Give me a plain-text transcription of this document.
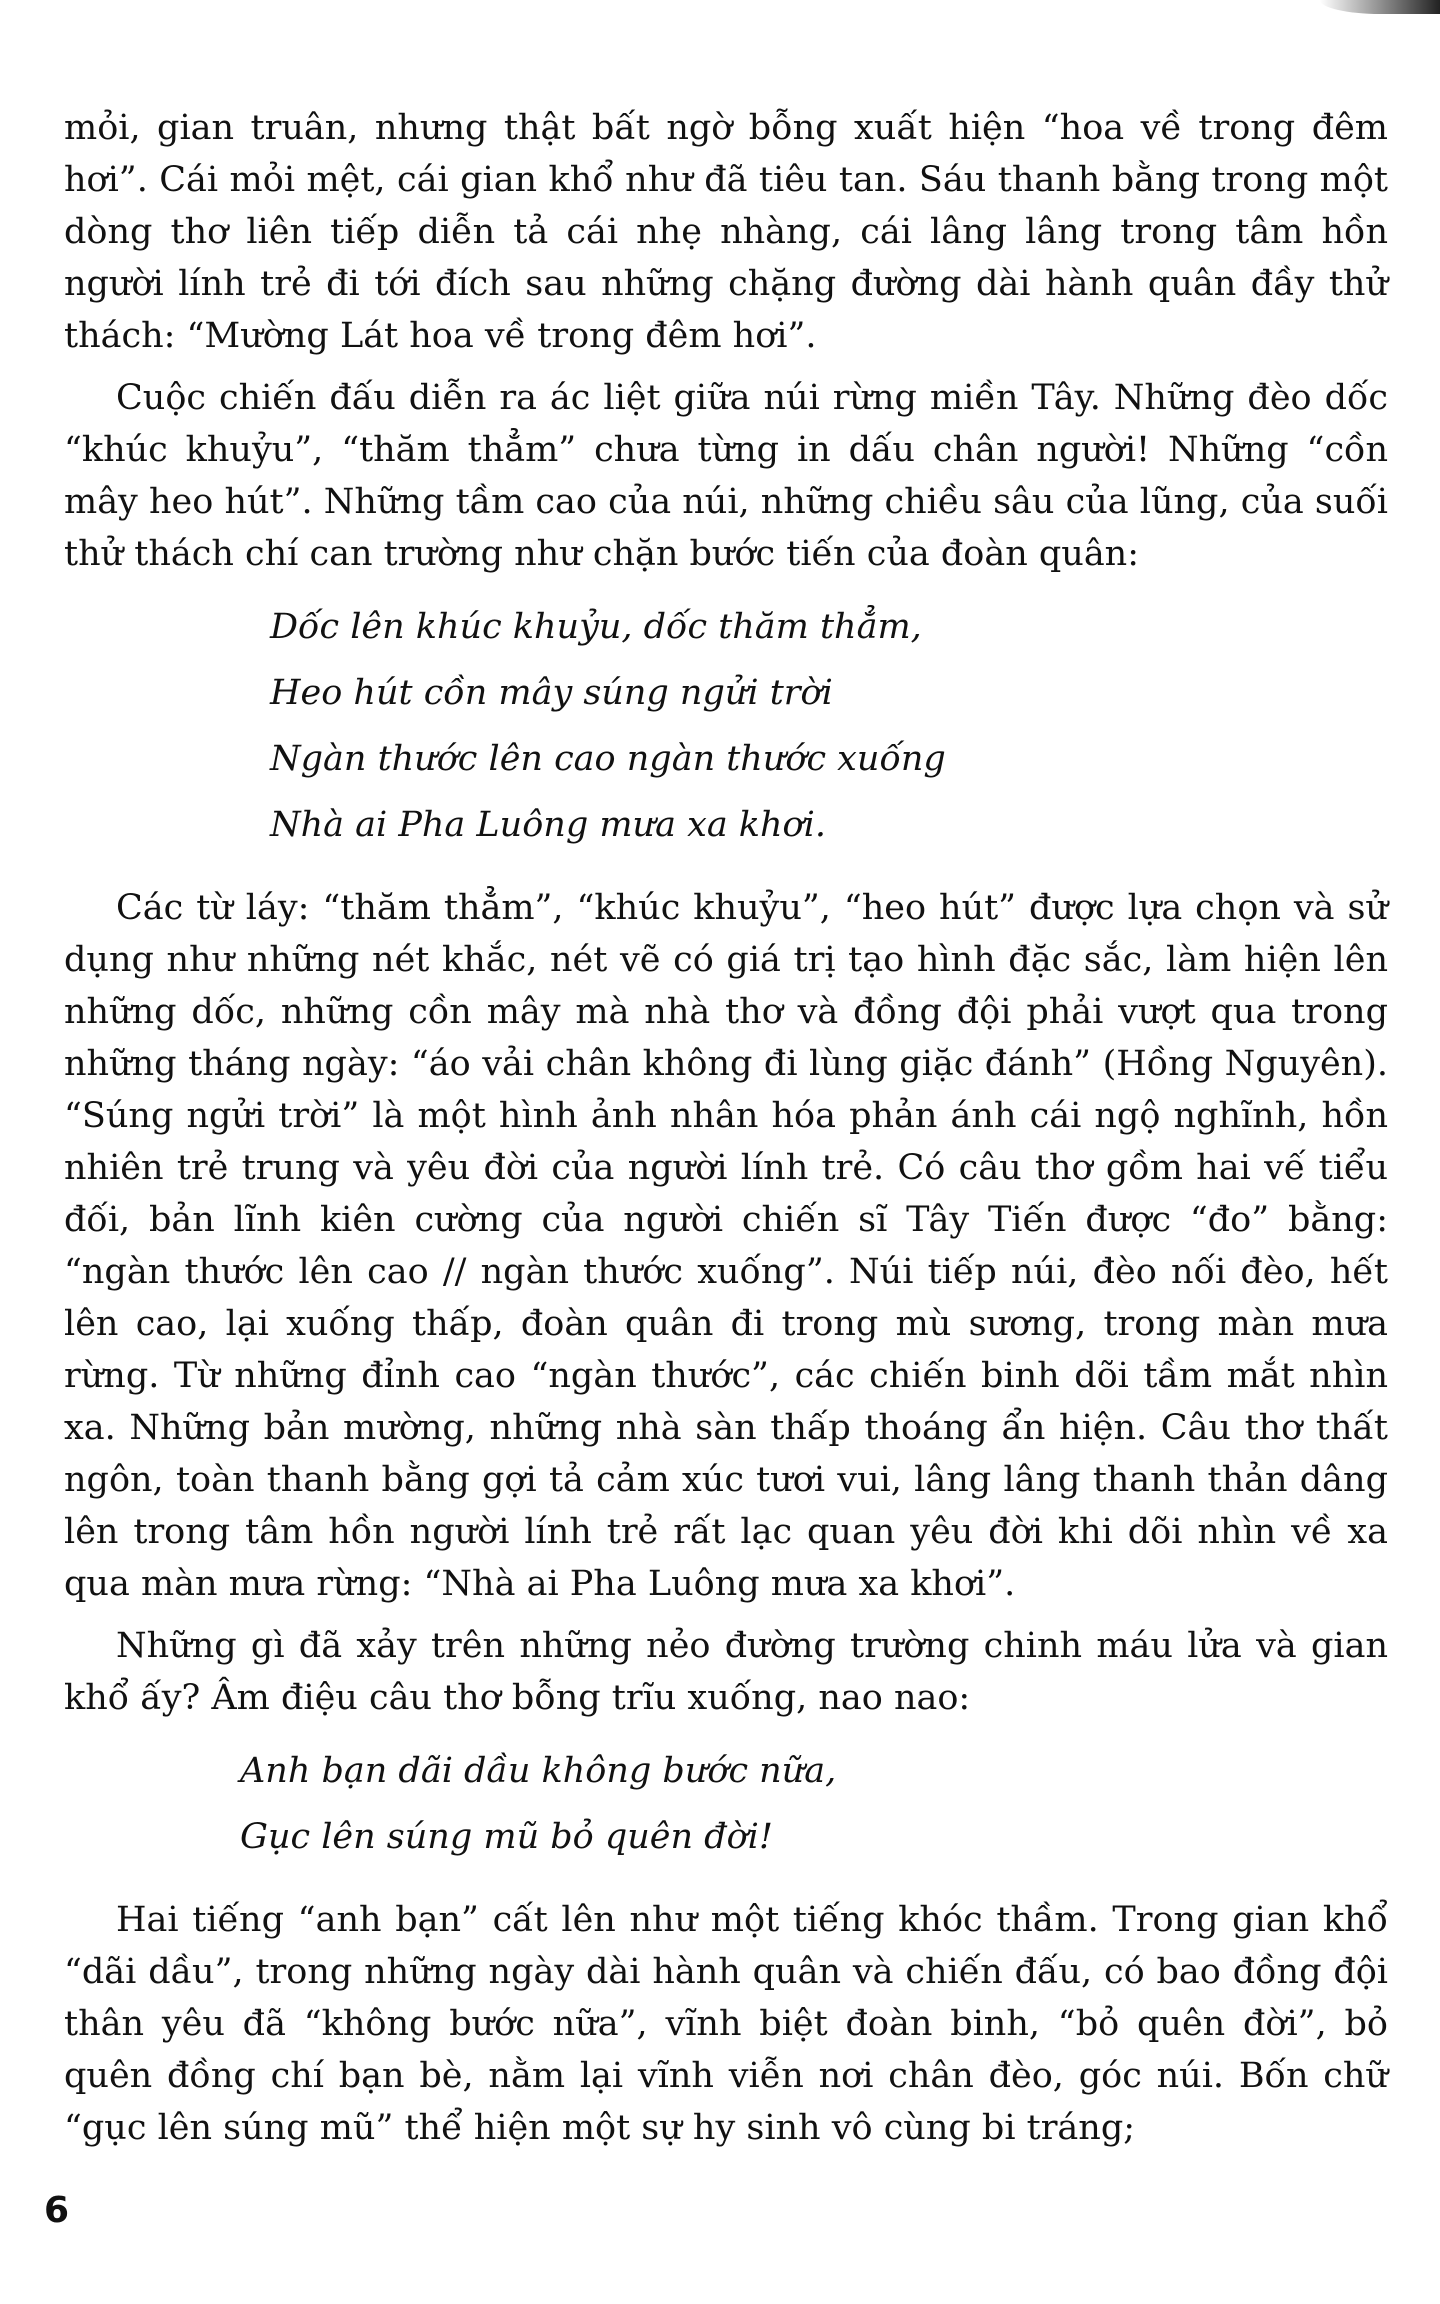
mỏi, gian truân, nhưng thật bất ngờ bỗng xuất hiện “hoa về trong đêm hơi”. Cái mỏi mệt, cái gian khổ như đã tiêu tan. Sáu thanh bằng trong một dòng thơ liên tiếp diễn tả cái nhẹ nhàng, cái lâng lâng trong tâm hồn người lính trẻ đi tới đích sau những chặng đường dài hành quân đầy thử thách: “Mường Lát hoa về trong đêm hơi”.

Cuộc chiến đấu diễn ra ác liệt giữa núi rừng miền Tây. Những đèo dốc “khúc khuỷu”, “thăm thẳm” chưa từng in dấu chân người! Những “cồn mây heo hút”. Những tầm cao của núi, những chiều sâu của lũng, của suối thử thách chí can trường như chặn bước tiến của đoàn quân:

Dốc lên khúc khuỷu, dốc thăm thẳm,
Heo hút cồn mây súng ngửi trời
Ngàn thước lên cao ngàn thước xuống
Nhà ai Pha Luông mưa xa khơi.

Các từ láy: “thăm thẳm”, “khúc khuỷu”, “heo hút” được lựa chọn và sử dụng như những nét khắc, nét vẽ có giá trị tạo hình đặc sắc, làm hiện lên những dốc, những cồn mây mà nhà thơ và đồng đội phải vượt qua trong những tháng ngày: “áo vải chân không đi lùng giặc đánh” (Hồng Nguyên). “Súng ngửi trời” là một hình ảnh nhân hóa phản ánh cái ngộ nghĩnh, hồn nhiên trẻ trung và yêu đời của người lính trẻ. Có câu thơ gồm hai vế tiểu đối, bản lĩnh kiên cường của người chiến sĩ Tây Tiến được “đo” bằng: “ngàn thước lên cao // ngàn thước xuống”. Núi tiếp núi, đèo nối đèo, hết lên cao, lại xuống thấp, đoàn quân đi trong mù sương, trong màn mưa rừng. Từ những đỉnh cao “ngàn thước”, các chiến binh dõi tầm mắt nhìn xa. Những bản mường, những nhà sàn thấp thoáng ẩn hiện. Câu thơ thất ngôn, toàn thanh bằng gợi tả cảm xúc tươi vui, lâng lâng thanh thản dâng lên trong tâm hồn người lính trẻ rất lạc quan yêu đời khi dõi nhìn về xa qua màn mưa rừng: “Nhà ai Pha Luông mưa xa khơi”.

Những gì đã xảy trên những nẻo đường trường chinh máu lửa và gian khổ ấy? Âm điệu câu thơ bỗng trĩu xuống, nao nao:

Anh bạn dãi dầu không bước nữa,
Gục lên súng mũ bỏ quên đời!

Hai tiếng “anh bạn” cất lên như một tiếng khóc thầm. Trong gian khổ “dãi dầu”, trong những ngày dài hành quân và chiến đấu, có bao đồng đội thân yêu đã “không bước nữa”, vĩnh biệt đoàn binh, “bỏ quên đời”, bỏ quên đồng chí bạn bè, nằm lại vĩnh viễn nơi chân đèo, góc núi. Bốn chữ “gục lên súng mũ” thể hiện một sự hy sinh vô cùng bi tráng;

6
